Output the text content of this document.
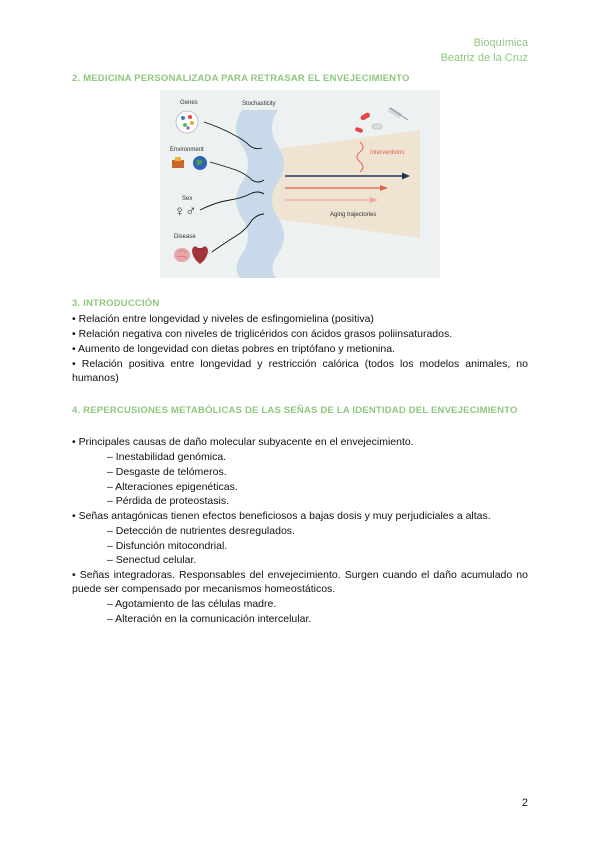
Bioquímica
Beatriz de la Cruz
2. MEDICINA PERSONALIZADA PARA RETRASAR EL ENVEJECIMIENTO
Stochasticity
Genes
Environment
Sex
♀♂
Disease
Aging trajectories
Interventions
3. INTRODUCCIÓN
• Relación entre longevidad y niveles de esfingomielina (positiva)
• Relación negativa con niveles de triglicéridos con ácidos grasos poliinsaturados.
• Aumento de longevidad con dietas pobres en triptófano y metionina.
• Relación positiva entre longevidad y restricción calórica (todos los modelos animales, no humanos)
4. REPERCUSIONES METABÓLICAS DE LAS SEÑAS DE LA IDENTIDAD DEL ENVEJECIMIENTO
• Principales causas de daño molecular subyacente en el envejecimiento.
– Inestabilidad genómica.
– Desgaste de telómeros.
– Alteraciones epigenéticas.
– Pérdida de proteostasis.
• Señas antagónicas tienen efectos beneficiosos a bajas dosis y muy perjudiciales a altas.
– Detección de nutrientes desregulados.
– Disfunción mitocondrial.
– Senectud celular.
• Señas integradoras. Responsables del envejecimiento. Surgen cuando el daño acumulado no puede ser compensado por mecanismos homeostáticos.
– Agotamiento de las células madre.
– Alteración en la comunicación intercelular.
2
